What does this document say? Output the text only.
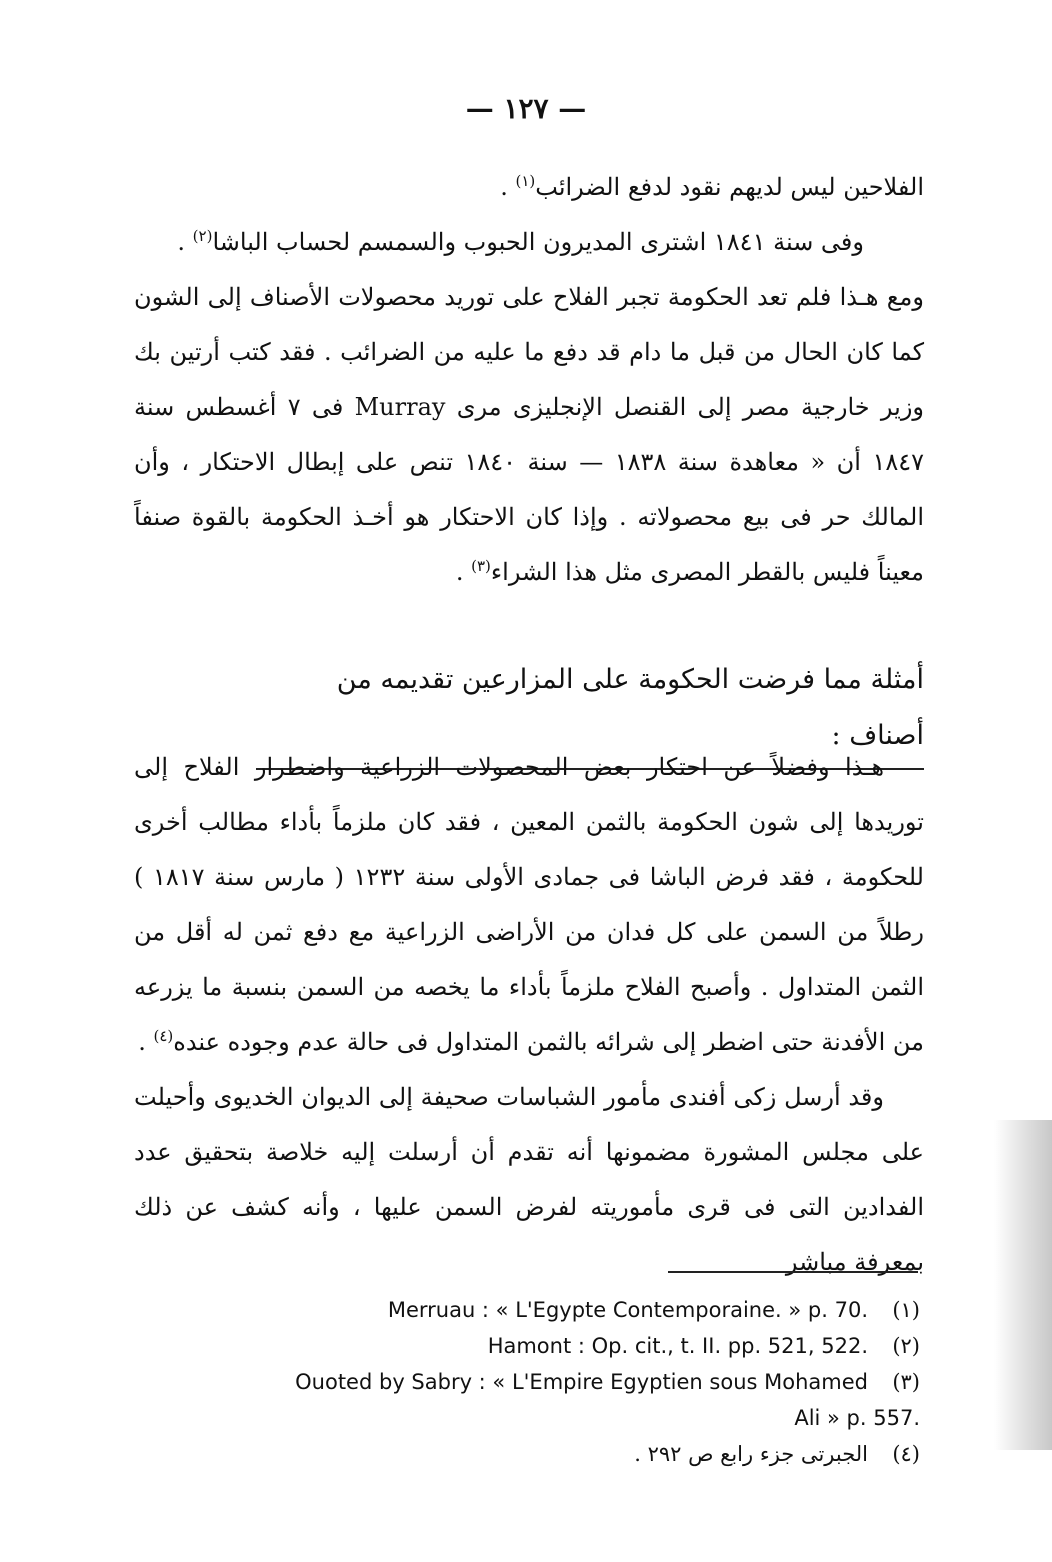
— ١٢٧ —

الفلاحين ليس لديهم نقود لدفع الضرائب$^{(١)}$ .

وفى سنة ١٨٤١ اشترى المديرون الحبوب والسمسم لحساب الباشا$^{(٢)}$ .

ومع هـذا فلم تعد الحكومة تجبر الفلاح على توريد محصولات الأصناف إلى الشون كما كان الحال من قبل ما دام قد دفع ما عليه من الضرائب . فقد كتب أرتين بك وزير خارجية مصر إلى القنصل الإنجليزى مرى Murray فى ٧ أغسطس سنة ١٨٤٧ أن « معاهدة سنة ١٨٣٨ — سنة ١٨٤٠ تنص على إبطال الاحتكار ، وأن المالك حر فى بيع محصولاته . وإذا كان الاحتكار هو أخـذ الحكومة بالقوة صنفاً معيناً فليس بالقطر المصرى مثل هذا الشراء$^{(٣)}$ .

أمثلة مما فرضت الحكومة على المزارعين تقديمه من أصناف :

هـذا وفضلاً عن احتكار بعض المحصولات الزراعية واضطرار الفلاح إلى توريدها إلى شون الحكومة بالثمن المعين ، فقد كان ملزماً بأداء مطالب أخرى للحكومة ، فقد فرض الباشا فى جمادى الأولى سنة ١٢٣٢ ( مارس سنة ١٨١٧ ) رطلاً من السمن على كل فدان من الأراضى الزراعية مع دفع ثمن له أقل من الثمن المتداول . وأصبح الفلاح ملزماً بأداء ما يخصه من السمن بنسبة ما يزرعه من الأفدنة حتى اضطر إلى شرائه بالثمن المتداول فى حالة عدم وجوده عنده$^{(٤)}$ .

وقد أرسل زكى أفندى مأمور الشباسات صحيفة إلى الديوان الخديوى وأحيلت على مجلس المشورة مضمونها أنه تقدم أن أرسلت إليه خلاصة بتحقيق عدد الفدادين التى فى قرى مأموريته لفرض السمن عليها ، وأنه كشف عن ذلك بمعرفة مباشر

Merruau : « L'Egypte Contemporaine. » p. 70.	(١)
Hamont : Op. cit., t. II. pp. 521, 522.	(٢)
Ouoted by Sabry : « L'Empire Egyptien sous Mohamed	(٣)
Ali » p. 557.
الجبرتى جزء رابع ص ٢٩٢ .	(٤)
